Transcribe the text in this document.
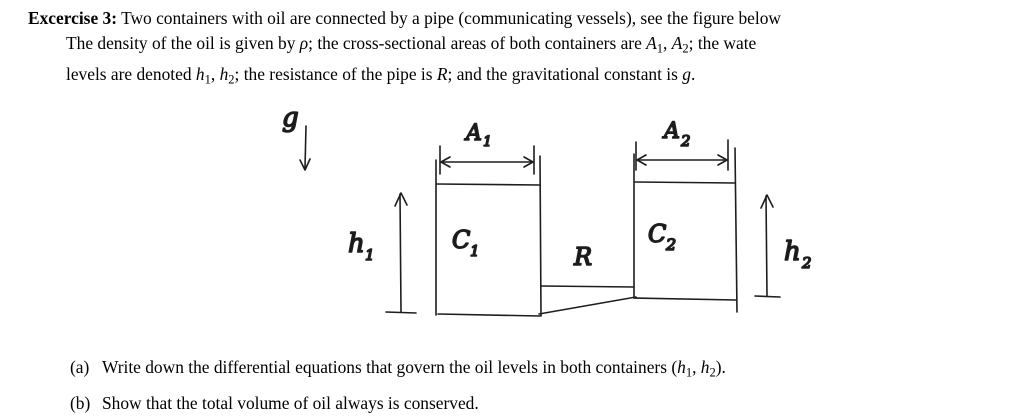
Excercise 3: Two containers with oil are connected by a pipe (communicating vessels), see the figure below
The density of the oil is given by ρ; the cross-sectional areas of both containers are $A_1$, $A_2$; the wate
levels are denoted $h_1$, $h_2$; the resistance of the pipe is R; and the gravitational constant is g.
g
A 1	A 2
h 1	h 2
C 1
C 2
R
(a) Write down the differential equations that govern the oil levels in both containers ($h_1$, $h_2$).
(b) Show that the total volume of oil always is conserved.
